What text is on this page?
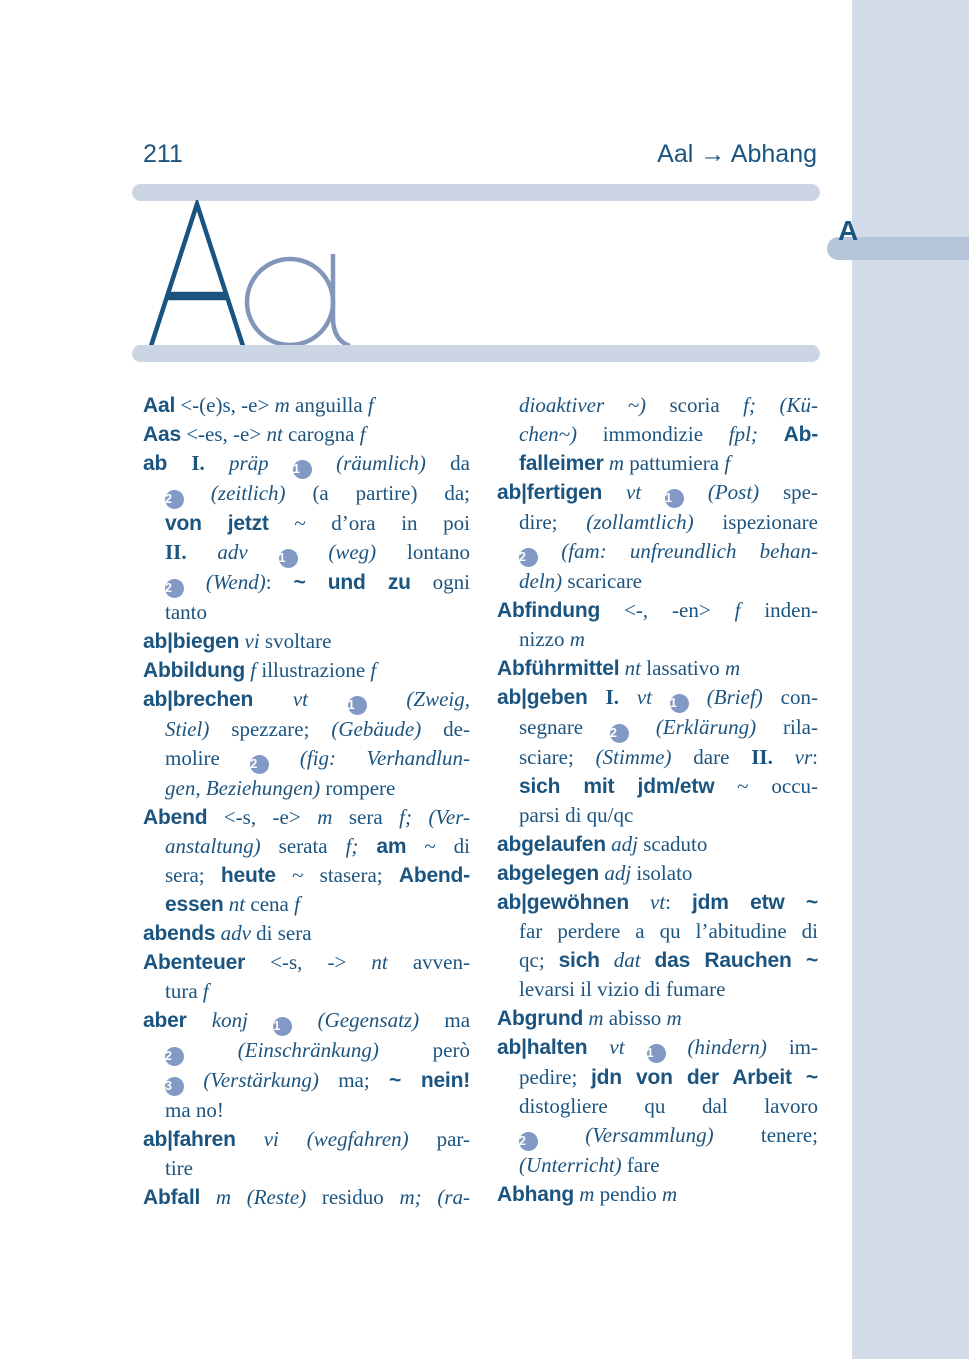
211	Aal → Abhang
A
Aal <-(e)s, -e> m anguilla f
Aas <-es, -e> nt carogna f
ab I. präp 1 (räumlich) da
2 (zeitlich) (a partire) da;
von jetzt ~ d’ora in poi
II. adv 1 (weg) lontano
2 (Wend): ~ und zu ogni
tanto
ab|biegen vi svoltare
Abbildung f illustrazione f
ab|brechen vt 1 (Zweig,
Stiel) spezzare; (Gebäude) de-
molire 2 (fig: Verhandlun-
gen, Beziehungen) rompere
Abend <-s, -e> m sera f; (Ver-
anstaltung) serata f; am ~ di
sera; heute ~ stasera; Abend-
essen nt cena f
abends adv di sera
Abenteuer <-s, -> nt avven-
tura f
aber konj 1 (Gegensatz) ma
2 (Einschränkung) però
3 (Verstärkung) ma; ~ nein!
ma no!
ab|fahren vi (wegfahren) par-
tire
Abfall m (Reste) residuo m; (ra-
dioaktiver ~) scoria f; (Kü-
chen~) immondizie fpl; Ab-
falleimer m pattumiera f
ab|fertigen vt 1 (Post) spe-
dire; (zollamtlich) ispezionare
2 (fam: unfreundlich behan-
deln) scaricare
Abfindung <-, -en> f inden-
nizzo m
Abführmittel nt lassativo m
ab|geben I. vt 1 (Brief) con-
segnare 2 (Erklärung) rila-
sciare; (Stimme) dare II. vr:
sich mit jdm/etw ~ occu-
parsi di qu/qc
abgelaufen adj scaduto
abgelegen adj isolato
ab|gewöhnen vt: jdm etw ~
far perdere a qu l’abitudine di
qc; sich dat das Rauchen ~
levarsi il vizio di fumare
Abgrund m abisso m
ab|halten vt 1 (hindern) im-
pedire; jdn von der Arbeit ~
distogliere qu dal lavoro
2 (Versammlung) tenere;
(Unterricht) fare
Abhang m pendio m
